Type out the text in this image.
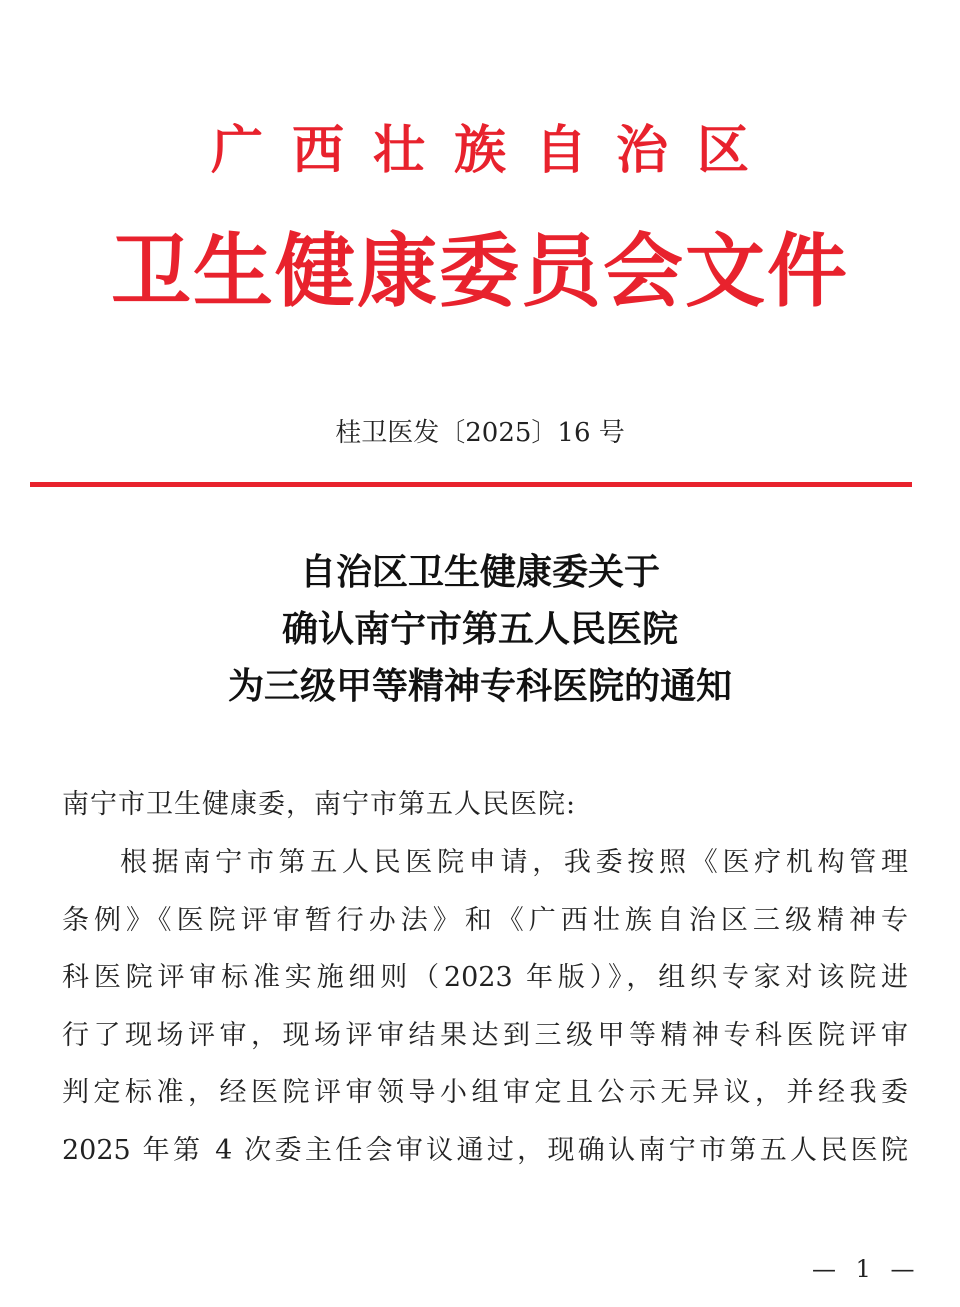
广西壮族自治区
卫生健康委员会文件
桂卫医发〔2025〕16 号
自治区卫生健康委关于
确认南宁市第五人民医院
为三级甲等精神专科医院的通知
南宁市卫生健康委，南宁市第五人民医院:
根据南宁市第五人民医院申请，我委按照《医疗机构管理
条例》《医院评审暂行办法》和《广西壮族自治区三级精神专
科医院评审标准实施细则（2023 年版）》，组织专家对该院进
行了现场评审，现场评审结果达到三级甲等精神专科医院评审
判定标准，经医院评审领导小组审定且公示无异议，并经我委
2025 年第 4 次委主任会审议通过，现确认南宁市第五人民医院
— 1 —
